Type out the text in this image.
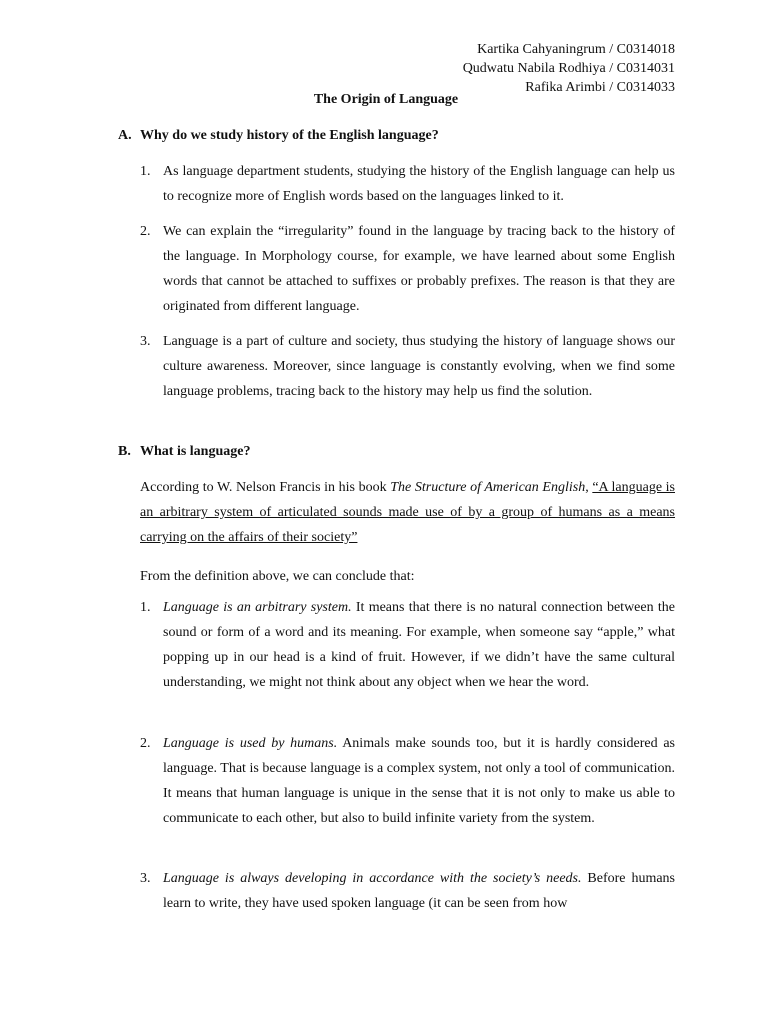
Kartika Cahyaningrum / C0314018
Qudwatu Nabila Rodhiya / C0314031
Rafika Arimbi / C0314033
The Origin of Language
A. Why do we study history of the English language?
1. As language department students, studying the history of the English language can help us to recognize more of English words based on the languages linked to it.
2. We can explain the “irregularity” found in the language by tracing back to the history of the language. In Morphology course, for example, we have learned about some English words that cannot be attached to suffixes or probably prefixes. The reason is that they are originated from different language.
3. Language is a part of culture and society, thus studying the history of language shows our culture awareness. Moreover, since language is constantly evolving, when we find some language problems, tracing back to the history may help us find the solution.
B. What is language?
According to W. Nelson Francis in his book The Structure of American English, “A language is an arbitrary system of articulated sounds made use of by a group of humans as a means carrying on the affairs of their society”
From the definition above, we can conclude that:
1. Language is an arbitrary system. It means that there is no natural connection between the sound or form of a word and its meaning. For example, when someone say “apple,” what popping up in our head is a kind of fruit. However, if we didn’t have the same cultural understanding, we might not think about any object when we hear the word.
2. Language is used by humans. Animals make sounds too, but it is hardly considered as language. That is because language is a complex system, not only a tool of communication. It means that human language is unique in the sense that it is not only to make us able to communicate to each other, but also to build infinite variety from the system.
3. Language is always developing in accordance with the society’s needs. Before humans learn to write, they have used spoken language (it can be seen from how
